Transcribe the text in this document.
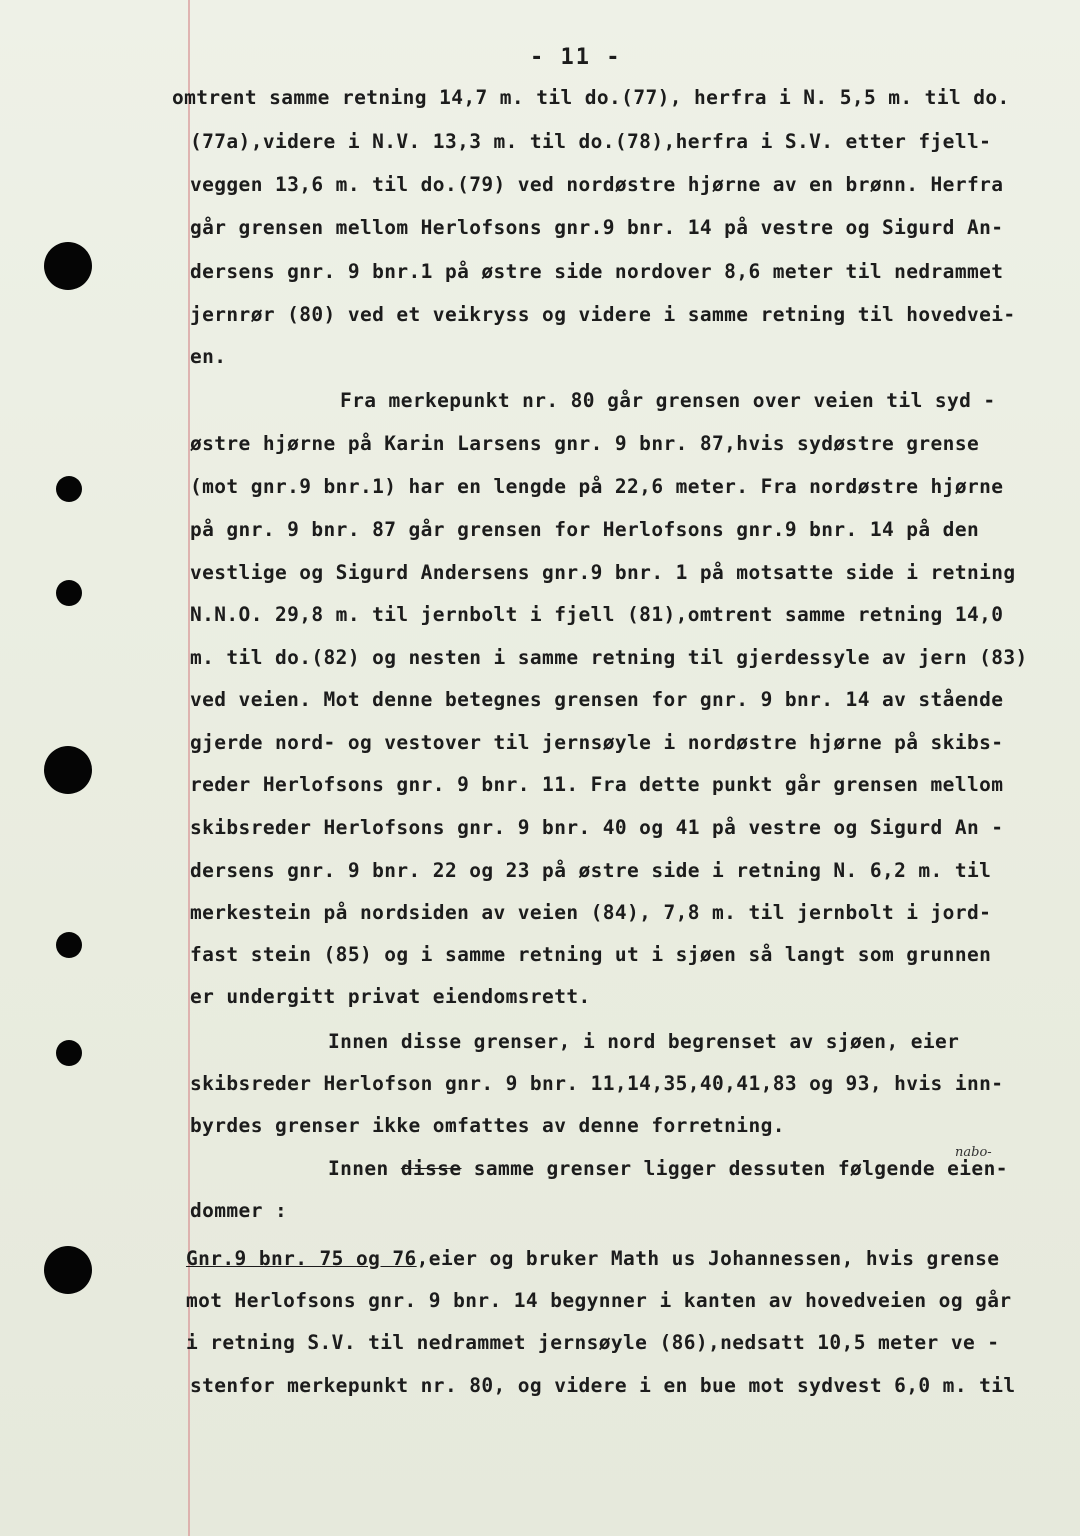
- 11 -
omtrent samme retning 14,7 m. til do.(77), herfra i N. 5,5 m. til do.
(77a),videre i N.V. 13,3 m. til do.(78),herfra i S.V. etter fjell-
veggen 13,6 m. til do.(79) ved nordøstre hjørne av en brønn. Herfra
går grensen mellom Herlofsons gnr.9 bnr. 14 på vestre og Sigurd An-
dersens gnr. 9 bnr.1 på østre side nordover 8,6 meter til nedrammet
jernrør (80) ved et veikryss og videre i samme retning til hovedvei-
en.
Fra merkepunkt nr. 80 går grensen over veien til syd -
østre hjørne på Karin Larsens gnr. 9 bnr. 87,hvis sydøstre grense
(mot gnr.9 bnr.1) har en lengde på 22,6 meter. Fra nordøstre hjørne
på gnr. 9 bnr. 87 går grensen for Herlofsons gnr.9 bnr. 14 på den
vestlige og Sigurd Andersens gnr.9 bnr. 1 på motsatte side i retning
N.N.O. 29,8 m. til jernbolt i fjell (81),omtrent samme retning 14,0
m. til do.(82) og nesten i samme retning til gjerdessyle av jern (83)
ved veien. Mot denne betegnes grensen for gnr. 9 bnr. 14 av stående
gjerde nord- og vestover til jernsøyle i nordøstre hjørne på skibs-
reder Herlofsons gnr. 9 bnr. 11. Fra dette punkt går grensen mellom
skibsreder Herlofsons gnr. 9 bnr. 40 og 41 på vestre og Sigurd An -
dersens gnr. 9 bnr. 22 og 23 på østre side i retning N. 6,2 m. til
merkestein på nordsiden av veien (84), 7,8 m. til jernbolt i jord-
fast stein (85) og i samme retning ut i sjøen så langt som grunnen
er undergitt privat eiendomsrett.
Innen disse grenser, i nord begrenset av sjøen, eier
skibsreder Herlofson gnr. 9 bnr. 11,14,35,40,41,83 og 93, hvis inn-
byrdes grenser ikke omfattes av denne forretning.
Innen disse samme grenser ligger dessuten følgende eien-
nabo-
dommer :
Gnr.9 bnr. 75 og 76,eier og bruker Math us Johannessen, hvis grense
mot Herlofsons gnr. 9 bnr. 14 begynner i kanten av hovedveien og går
i retning S.V. til nedrammet jernsøyle (86),nedsatt 10,5 meter ve -
stenfor merkepunkt nr. 80, og videre i en bue mot sydvest 6,0 m. til
